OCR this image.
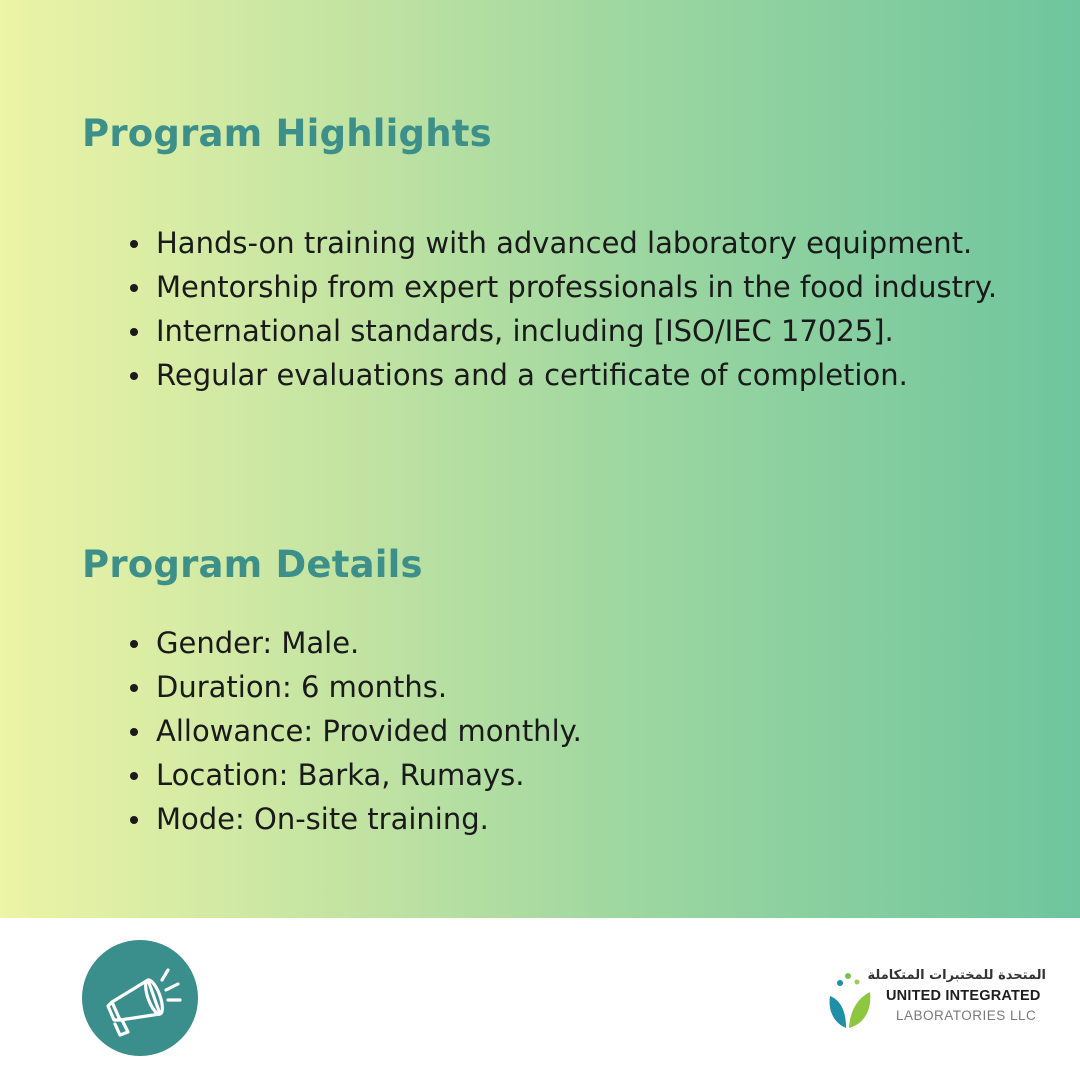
Program Highlights
Hands-on training with advanced laboratory equipment.
Mentorship from expert professionals in the food industry.
International standards, including [ISO/IEC 17025].
Regular evaluations and a certificate of completion.
Program Details
Gender: Male.
Duration: 6 months.
Allowance: Provided monthly.
Location: Barka, Rumays.
Mode: On-site training.
المتحدة للمختبرات المتكاملة
UNITED INTEGRATED
LABORATORIES LLC
